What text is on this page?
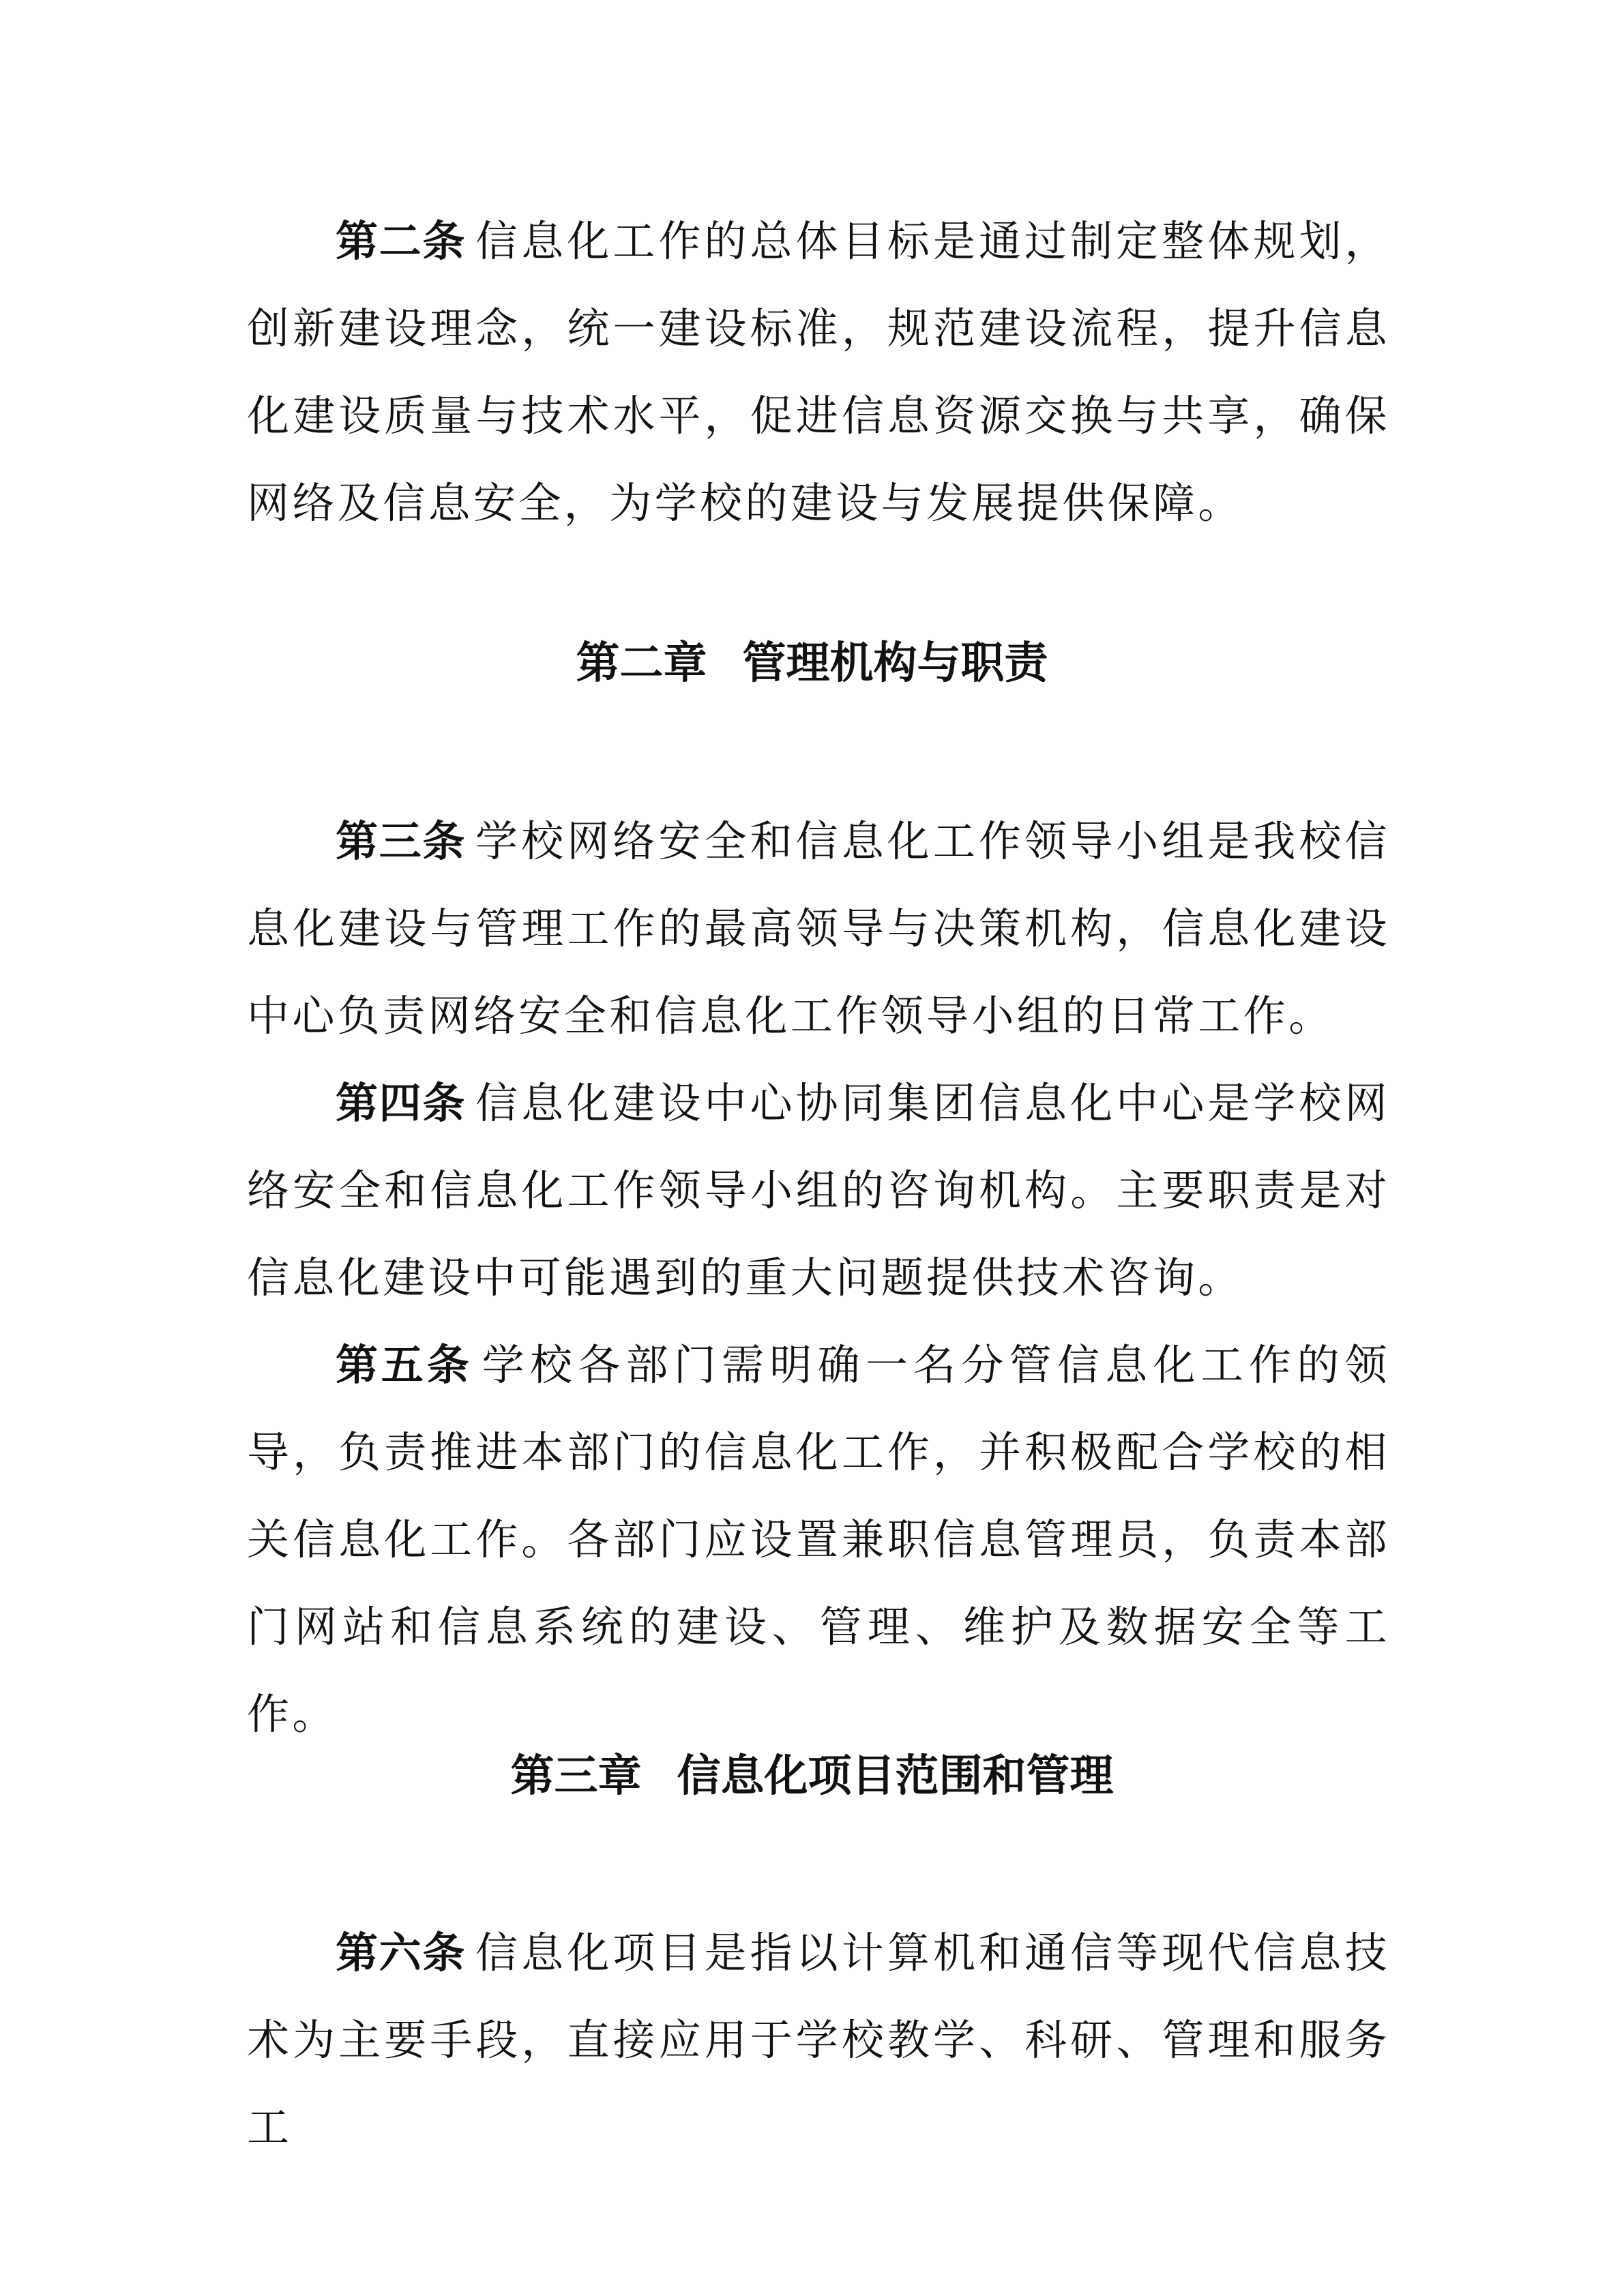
第二条 信息化工作的总体目标是通过制定整体规划，创新建设理念，统一建设标准，规范建设流程，提升信息化建设质量与技术水平，促进信息资源交换与共享，确保网络及信息安全，为学校的建设与发展提供保障。

第二章 管理机构与职责

第三条 学校网络安全和信息化工作领导小组是我校信息化建设与管理工作的最高领导与决策机构，信息化建设中心负责网络安全和信息化工作领导小组的日常工作。

第四条 信息化建设中心协同集团信息化中心是学校网络安全和信息化工作领导小组的咨询机构。主要职责是对信息化建设中可能遇到的重大问题提供技术咨询。

第五条 学校各部门需明确一名分管信息化工作的领导，负责推进本部门的信息化工作，并积极配合学校的相关信息化工作。各部门应设置兼职信息管理员，负责本部门网站和信息系统的建设、管理、维护及数据安全等工作。

第三章 信息化项目范围和管理

第六条 信息化项目是指以计算机和通信等现代信息技术为主要手段，直接应用于学校教学、科研、管理和服务工
